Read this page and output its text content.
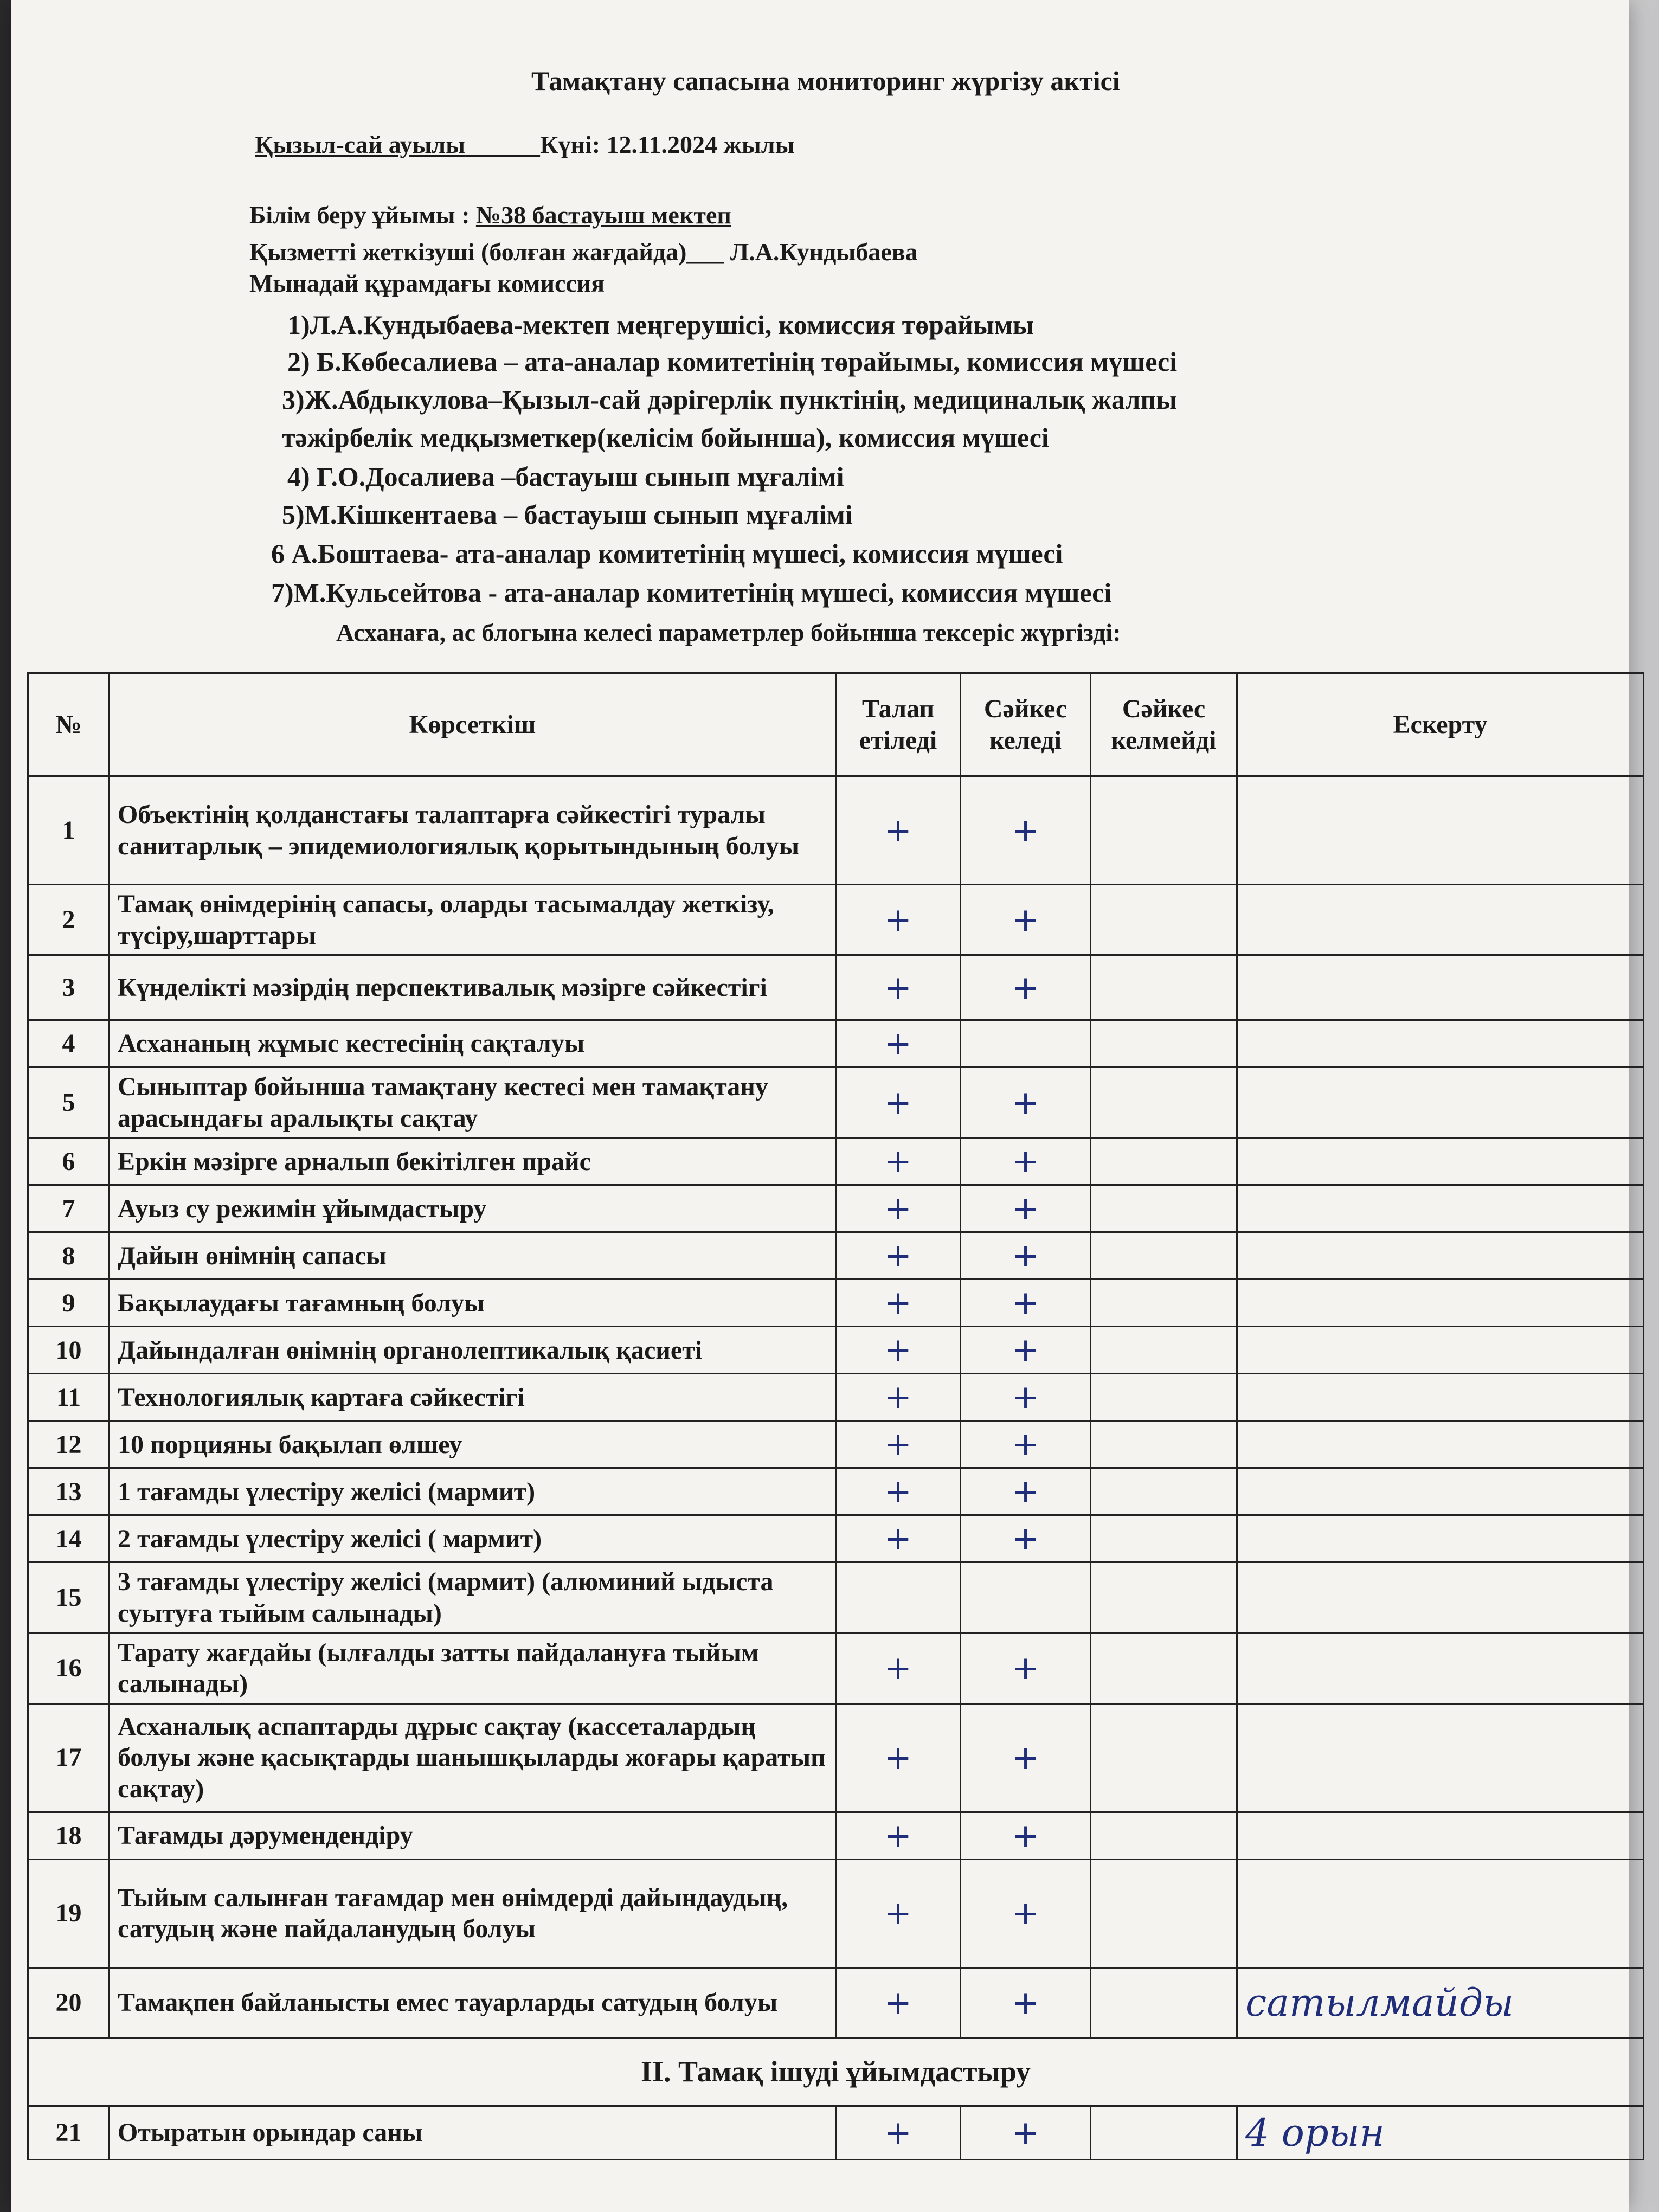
Тамақтану сапасына мониторинг жүргізу актісі
Қызыл-сай ауылы	Күні: 12.11.2024 жылы
Білім беру ұйымы : №38 бастауыш мектеп
Қызметті жеткізуші (болған жағдайда)___ Л.А.Кундыбаева
Мынадай құрамдағы комиссия
1)Л.А.Кундыбаева-мектеп меңгерушісі, комиссия төрайымы
2) Б.Көбесалиева – ата-аналар комитетінің төрайымы, комиссия мүшесі
3)Ж.Абдыкулова–Қызыл-сай дәрігерлік пунктінің, медициналық жалпы
тәжірбелік медқызметкер(келісім бойынша), комиссия мүшесі
4) Г.О.Досалиева –бастауыш сынып мұғалімі
5)М.Кішкентаева – бастауыш сынып мұғалімі
6 А.Боштаева- ата-аналар комитетінің мүшесі, комиссия мүшесі
7)М.Кульсейтова - ата-аналар комитетінің мүшесі, комиссия мүшесі
Асханаға, ас блогына келесі параметрлер бойынша тексеріс жүргізді:
№	Көрсеткіш	Талап етіледі	Сәйкес келеді	Сәйкес келмейді	Ескерту
1	Объектінің қолданстағы талаптарға сәйкестігі туралы санитарлық – эпидемиологиялық қорытындының болуы	+	+		
2	Тамақ өнімдерінің сапасы, оларды тасымалдау жеткізу, түсіру,шарттары	+	+		
3	Күнделікті мәзірдің перспективалық мәзірге сәйкестігі	+	+		
4	Асхананың жұмыс кестесінің сақталуы	+			
5	Сыныптар бойынша тамақтану кестесі мен тамақтану арасындағы аралықты сақтау	+	+		
6	Еркін мәзірге арналып бекітілген прайс	+	+		
7	Ауыз су режимін ұйымдастыру	+	+		
8	Дайын өнімнің сапасы	+	+		
9	Бақылаудағы тағамның болуы	+	+		
10	Дайындалған өнімнің органолептикалық қасиеті	+	+		
11	Технологиялық картаға сәйкестігі	+	+		
12	10 порцияны бақылап өлшеу	+	+		
13	1 тағамды үлестіру желісі (мармит)	+	+		
14	2 тағамды үлестіру желісі ( мармит)	+	+		
15	3 тағамды үлестіру желісі (мармит) (алюминий ыдыста суытуға тыйым салынады)				
16	Тарату жағдайы (ылғалды затты пайдалануға тыйым салынады)	+	+		
17	Асханалық аспаптарды дұрыс сақтау (кассеталардың болуы және қасықтарды шанышқыларды жоғары қаратып сақтау)	+	+		
18	Тағамды дәрумендендіру	+	+		
19	Тыйым салынған тағамдар мен өнімдерді дайындаудың, сатудың және пайдаланудың болуы	+	+		
20	Тамақпен байланысты емес тауарларды сатудың болуы	+	+		сатылмайды
II. Тамақ ішуді ұйымдастыру					
21	Отыратын орындар саны	+	+		4 орын
